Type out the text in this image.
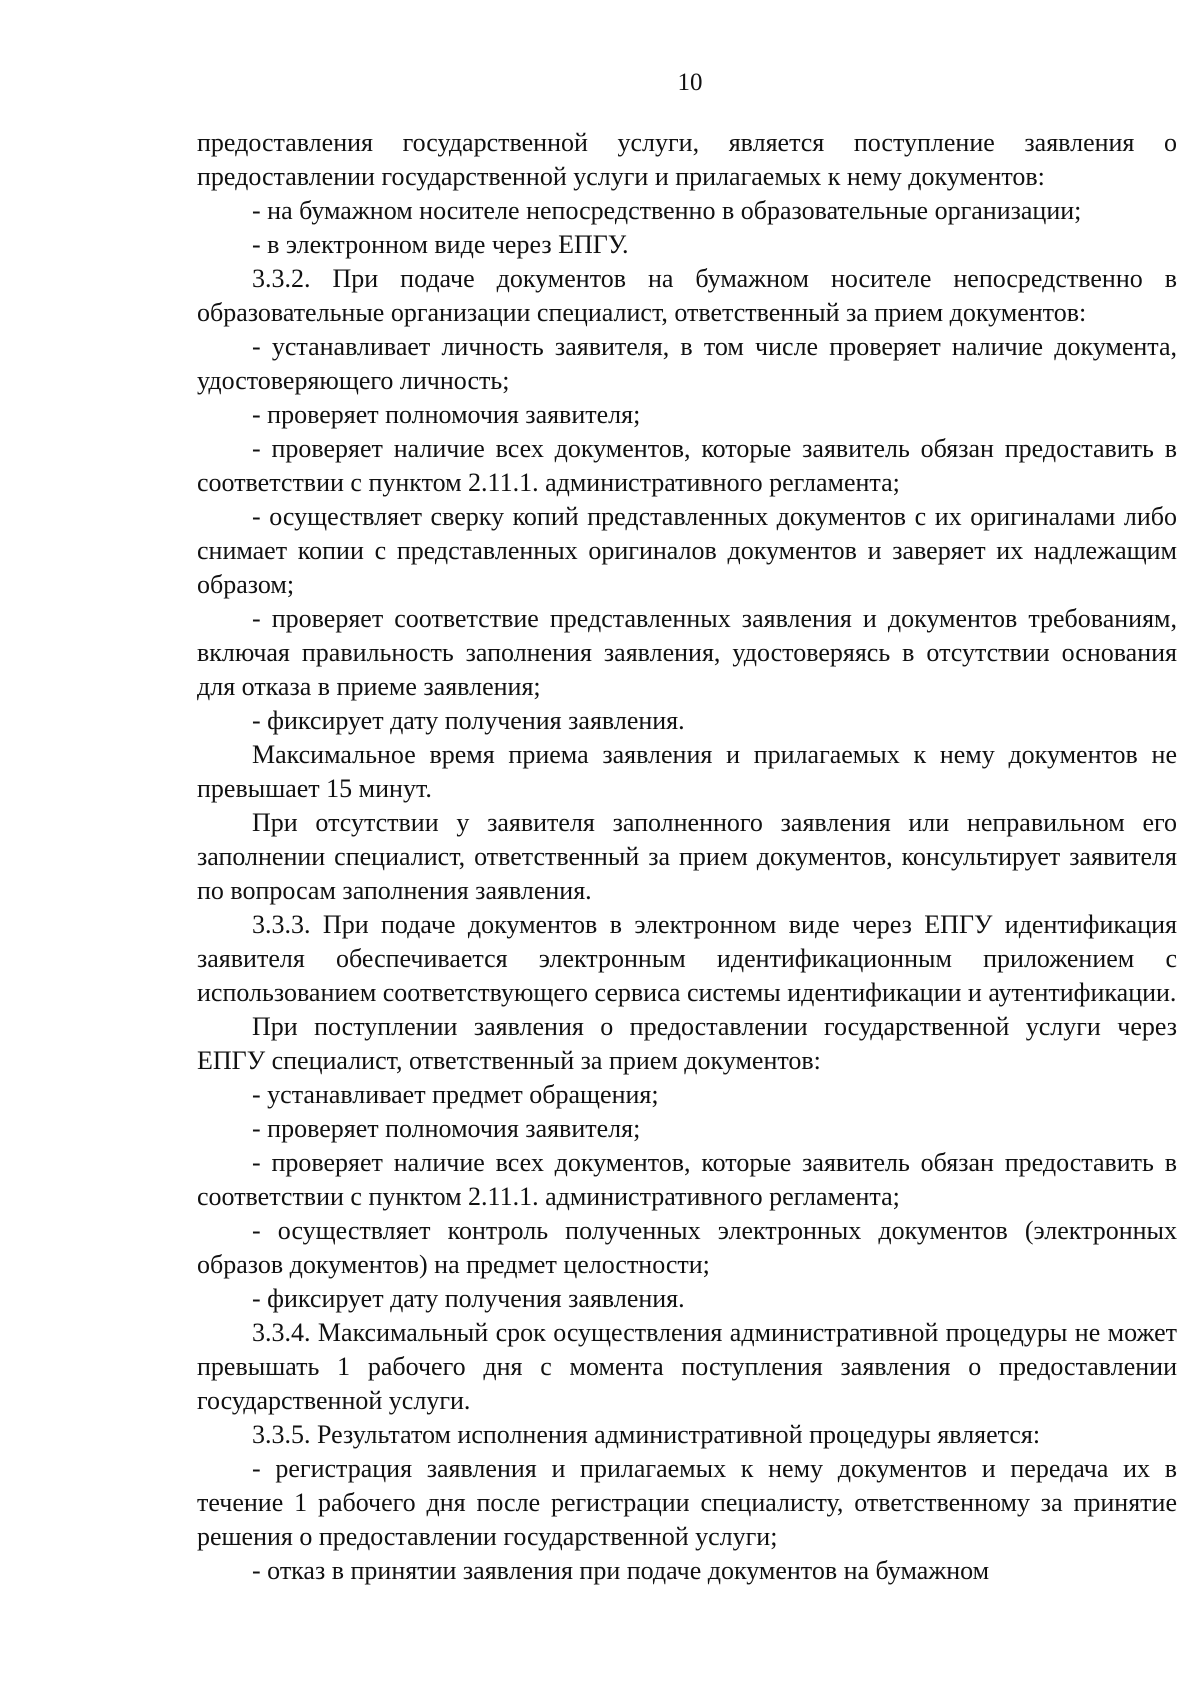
10

предоставления государственной услуги, является поступление заявления о предоставлении государственной услуги и прилагаемых к нему документов:

- на бумажном носителе непосредственно в образовательные организации;

- в электронном виде через ЕПГУ.

3.3.2. При подаче документов на бумажном носителе непосредственно в образовательные организации специалист, ответственный за прием документов:

- устанавливает личность заявителя, в том числе проверяет наличие документа, удостоверяющего личность;

- проверяет полномочия заявителя;

- проверяет наличие всех документов, которые заявитель обязан предоставить в соответствии с пунктом 2.11.1. административного регламента;

- осуществляет сверку копий представленных документов с их оригиналами либо снимает копии с представленных оригиналов документов и заверяет их надлежащим образом;

- проверяет соответствие представленных заявления и документов требованиям, включая правильность заполнения заявления, удостоверяясь в отсутствии основания для отказа в приеме заявления;

- фиксирует дату получения заявления.

Максимальное время приема заявления и прилагаемых к нему документов не превышает 15 минут.

При отсутствии у заявителя заполненного заявления или неправильном его заполнении специалист, ответственный за прием документов, консультирует заявителя по вопросам заполнения заявления.

3.3.3. При подаче документов в электронном виде через ЕПГУ идентификация заявителя обеспечивается электронным идентификационным приложением с использованием соответствующего сервиса системы идентификации и аутентификации.

При поступлении заявления о предоставлении государственной услуги через ЕПГУ специалист, ответственный за прием документов:

- устанавливает предмет обращения;

- проверяет полномочия заявителя;

- проверяет наличие всех документов, которые заявитель обязан предоставить в соответствии с пунктом 2.11.1. административного регламента;

- осуществляет контроль полученных электронных документов (электронных образов документов) на предмет целостности;

- фиксирует дату получения заявления.

3.3.4. Максимальный срок осуществления административной процедуры не может превышать 1 рабочего дня с момента поступления заявления о предоставлении государственной услуги.

3.3.5. Результатом исполнения административной процедуры является:

- регистрация заявления и прилагаемых к нему документов и передача их в течение 1 рабочего дня после регистрации специалисту, ответственному за принятие решения о предоставлении государственной услуги;

- отказ в принятии заявления при подаче документов на бумажном
